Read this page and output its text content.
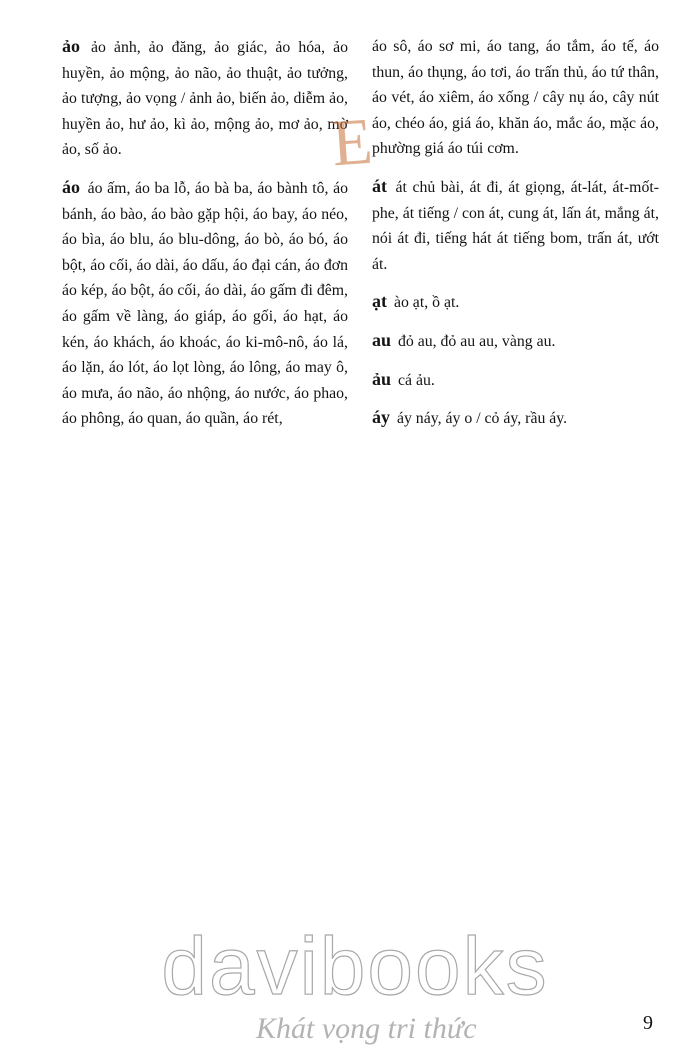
ảo ảo ảnh, ảo đăng, ảo giác, ảo hóa, ảo huyền, ảo mộng, ảo não, ảo thuật, ảo tưởng, ảo tượng, ảo vọng / ảnh ảo, biến ảo, diễm ảo, huyền ảo, hư ảo, kì ảo, mộng ảo, mơ ảo, mờ ảo, số ảo.

áo áo ấm, áo ba lỗ, áo bà ba, áo bành tô, áo bánh, áo bào, áo bào gặp hội, áo bay, áo néo, áo bìa, áo blu, áo blu-dông, áo bò, áo bó, áo bột, áo cối, áo dài, áo dấu, áo đại cán, áo đơn áo kép, áo bột, áo cối, áo dài, áo gấm đi đêm, áo gấm về làng, áo giáp, áo gối, áo hạt, áo kén, áo khách, áo khoác, áo ki-mô-nô, áo lá, áo lặn, áo lót, áo lọt lòng, áo lông, áo may ô, áo mưa, áo não, áo nhộng, áo nước, áo phao, áo phông, áo quan, áo quần, áo rét,

áo sô, áo sơ mi, áo tang, áo tắm, áo tế, áo thun, áo thụng, áo tơi, áo trấn thủ, áo tứ thân, áo vét, áo xiêm, áo xống / cây nụ áo, cây nút áo, chéo áo, giá áo, khăn áo, mắc áo, mặc áo, phường giá áo túi cơm.

át át chủ bài, át đi, át giọng, át-lát, át-mốt-phe, át tiếng / con át, cung át, lấn át, mắng át, nói át đi, tiếng hát át tiếng bom, trấn át, ướt át.

ạt ào ạt, ồ ạt.

au đỏ au, đỏ au au, vàng au.

ảu cá ảu.

áy áy náy, áy o / cỏ áy, rầu áy.

E
davibooks
Khát vọng tri thức	9
